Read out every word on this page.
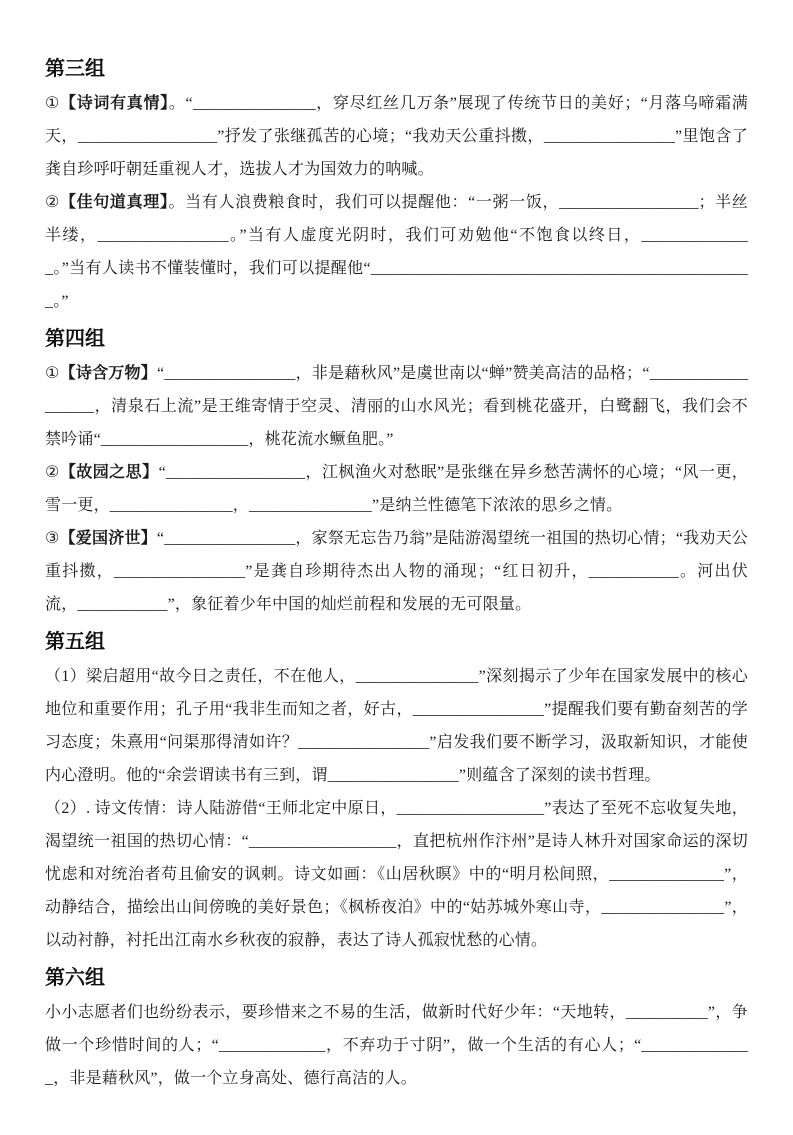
第三组

①【诗词有真情】。“_______________，穿尽红丝几万条”展现了传统节日的美好；“月落乌啼霜满天，_________________”抒发了张继孤苦的心境；“我劝天公重抖擞，________________”里饱含了龚自珍呼吁朝廷重视人才，选拔人才为国效力的呐喊。

②【佳句道真理】。当有人浪费粮食时，我们可以提醒他：“一粥一饭，_________________；半丝半缕，________________。”当有人虚度光阴时，我们可劝勉他“不饱食以终日，______________。”当有人读书不懂装懂时，我们可以提醒他“_______________________________________________。”

第四组

①【诗含万物】“________________，非是藉秋风”是虞世南以“蝉”赞美高洁的品格；“__________________，清泉石上流”是王维寄情于空灵、清丽的山水风光；看到桃花盛开，白鹭翻飞，我们会不禁吟诵“__________________，桃花流水鳜鱼肥。”

②【故园之思】“_________________，江枫渔火对愁眠”是张继在异乡愁苦满怀的心境；“风一更，雪一更，_______________，_______________”是纳兰性德笔下浓浓的思乡之情。

③【爱国济世】“________________，家祭无忘告乃翁”是陆游渴望统一祖国的热切心情；“我劝天公重抖擞，________________”是龚自珍期待杰出人物的涌现；“红日初升，___________。河出伏流，___________”，象征着少年中国的灿烂前程和发展的无可限量。

第五组

（1）梁启超用“故今日之责任，不在他人，_______________”深刻揭示了少年在国家发展中的核心地位和重要作用；孔子用“我非生而知之者，好古，________________”提醒我们要有勤奋刻苦的学习态度；朱熹用“问渠那得清如许？________________”启发我们要不断学习，汲取新知识，才能使内心澄明。他的“余尝谓读书有三到，谓________________”则蕴含了深刻的读书哲理。

（2）. 诗文传情：诗人陆游借“王师北定中原日，__________________”表达了至死不忘收复失地，渴望统一祖国的热切心情：“__________________，直把杭州作汴州”是诗人林升对国家命运的深切忧虑和对统治者苟且偷安的讽刺。诗文如画：《山居秋暝》中的“明月松间照，______________”，动静结合，描绘出山间傍晚的美好景色；《枫桥夜泊》中的“姑苏城外寒山寺，_______________”，以动衬静，衬托出江南水乡秋夜的寂静，表达了诗人孤寂忧愁的心情。

第六组

小小志愿者们也纷纷表示，要珍惜来之不易的生活，做新时代好少年：“天地转，__________”，争做一个珍惜时间的人；“_____________，不弃功于寸阴”，做一个生活的有心人；“______________，非是藉秋风”，做一个立身高处、德行高洁的人。
